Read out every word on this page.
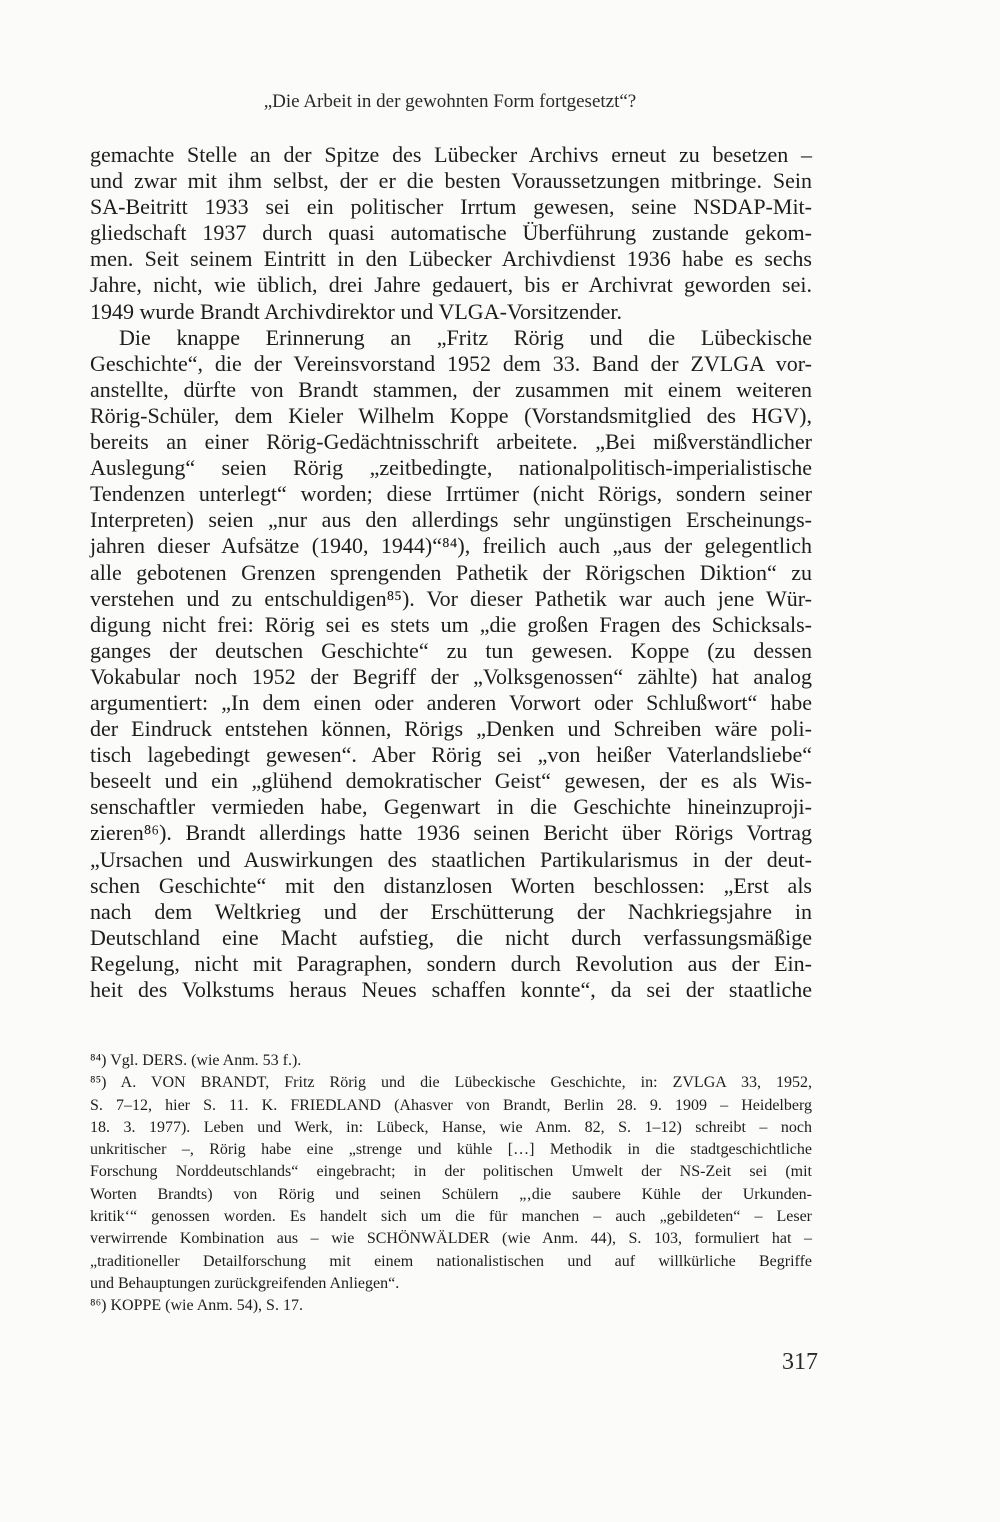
„Die Arbeit in der gewohnten Form fortgesetzt“?
gemachte Stelle an der Spitze des Lübecker Archivs erneut zu besetzen –
und zwar mit ihm selbst, der er die besten Voraussetzungen mitbringe. Sein
SA-Beitritt 1933 sei ein politischer Irrtum gewesen, seine NSDAP-Mit-
gliedschaft 1937 durch quasi automatische Überführung zustande gekom-
men. Seit seinem Eintritt in den Lübecker Archivdienst 1936 habe es sechs
Jahre, nicht, wie üblich, drei Jahre gedauert, bis er Archivrat geworden sei.
1949 wurde Brandt Archivdirektor und VLGA-Vorsitzender.
Die knappe Erinnerung an „Fritz Rörig und die Lübeckische
Geschichte“, die der Vereinsvorstand 1952 dem 33. Band der ZVLGA vor-
anstellte, dürfte von Brandt stammen, der zusammen mit einem weiteren
Rörig-Schüler, dem Kieler Wilhelm Koppe (Vorstandsmitglied des HGV),
bereits an einer Rörig-Gedächtnisschrift arbeitete. „Bei mißverständlicher
Auslegung“ seien Rörig „zeitbedingte, nationalpolitisch-imperialistische
Tendenzen unterlegt“ worden; diese Irrtümer (nicht Rörigs, sondern seiner
Interpreten) seien „nur aus den allerdings sehr ungünstigen Erscheinungs-
jahren dieser Aufsätze (1940, 1944)“⁸⁴), freilich auch „aus der gelegentlich
alle gebotenen Grenzen sprengenden Pathetik der Rörigschen Diktion“ zu
verstehen und zu entschuldigen⁸⁵). Vor dieser Pathetik war auch jene Wür-
digung nicht frei: Rörig sei es stets um „die großen Fragen des Schicksals-
ganges der deutschen Geschichte“ zu tun gewesen. Koppe (zu dessen
Vokabular noch 1952 der Begriff der „Volksgenossen“ zählte) hat analog
argumentiert: „In dem einen oder anderen Vorwort oder Schlußwort“ habe
der Eindruck entstehen können, Rörigs „Denken und Schreiben wäre poli-
tisch lagebedingt gewesen“. Aber Rörig sei „von heißer Vaterlandsliebe“
beseelt und ein „glühend demokratischer Geist“ gewesen, der es als Wis-
senschaftler vermieden habe, Gegenwart in die Geschichte hineinzuproji-
zieren⁸⁶). Brandt allerdings hatte 1936 seinen Bericht über Rörigs Vortrag
„Ursachen und Auswirkungen des staatlichen Partikularismus in der deut-
schen Geschichte“ mit den distanzlosen Worten beschlossen: „Erst als
nach dem Weltkrieg und der Erschütterung der Nachkriegsjahre in
Deutschland eine Macht aufstieg, die nicht durch verfassungsmäßige
Regelung, nicht mit Paragraphen, sondern durch Revolution aus der Ein-
heit des Volkstums heraus Neues schaffen konnte“, da sei der staatliche
⁸⁴) Vgl. DERS. (wie Anm. 53 f.).
⁸⁵) A. VON BRANDT, Fritz Rörig und die Lübeckische Geschichte, in: ZVLGA 33, 1952,
S. 7–12, hier S. 11. K. FRIEDLAND (Ahasver von Brandt, Berlin 28. 9. 1909 – Heidelberg
18. 3. 1977). Leben und Werk, in: Lübeck, Hanse, wie Anm. 82, S. 1–12) schreibt – noch
unkritischer –, Rörig habe eine „strenge und kühle […] Methodik in die stadtgeschichtliche
Forschung Norddeutschlands“ eingebracht; in der politischen Umwelt der NS-Zeit sei (mit
Worten Brandts) von Rörig und seinen Schülern „‚die saubere Kühle der Urkunden-
kritik‘“ genossen worden. Es handelt sich um die für manchen – auch „gebildeten“ – Leser
verwirrende Kombination aus – wie SCHÖNWÄLDER (wie Anm. 44), S. 103, formuliert hat –
„traditioneller Detailforschung mit einem nationalistischen und auf willkürliche Begriffe
und Behauptungen zurückgreifenden Anliegen“.
⁸⁶) KOPPE (wie Anm. 54), S. 17.
317
